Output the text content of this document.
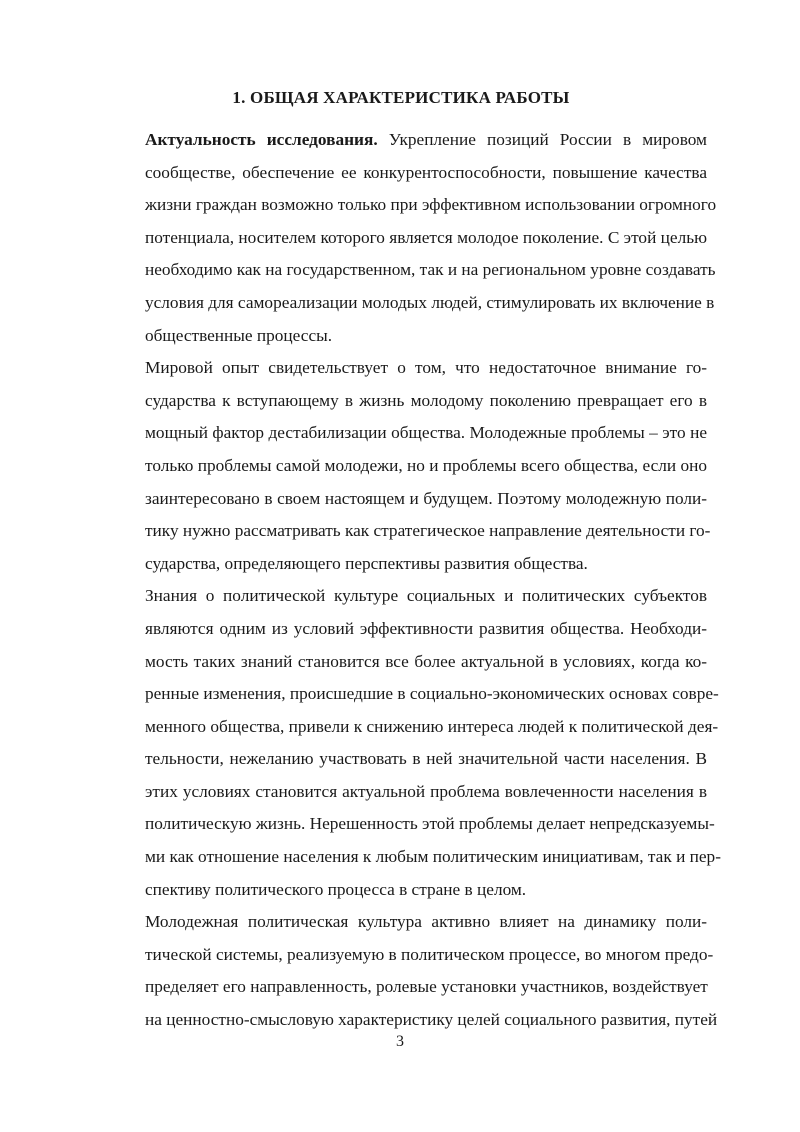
1. ОБЩАЯ ХАРАКТЕРИСТИКА РАБОТЫ
Актуальность исследования. Укрепление позиций России в мировом
сообществе, обеспечение ее конкурентоспособности, повышение качества
жизни граждан возможно только при эффективном использовании огромного
потенциала, носителем которого является молодое поколение. С этой целью
необходимо как на государственном, так и на региональном уровне создавать
условия для самореализации молодых людей, стимулировать их включение в
общественные процессы.
Мировой опыт свидетельствует о том, что недостаточное внимание го-
сударства к вступающему в жизнь молодому поколению превращает его в
мощный фактор дестабилизации общества. Молодежные проблемы – это не
только проблемы самой молодежи, но и проблемы всего общества, если оно
заинтересовано в своем настоящем и будущем. Поэтому молодежную поли-
тику нужно рассматривать как стратегическое направление деятельности го-
сударства, определяющего перспективы развития общества.
Знания о политической культуре социальных и политических субъектов
являются одним из условий эффективности развития общества. Необходи-
мость таких знаний становится все более актуальной в условиях, когда ко-
ренные изменения, происшедшие в социально-экономических основах совре-
менного общества, привели к снижению интереса людей к политической дея-
тельности, нежеланию участвовать в ней значительной части населения. В
этих условиях становится актуальной проблема вовлеченности населения в
политическую жизнь. Нерешенность этой проблемы делает непредсказуемы-
ми как отношение населения к любым политическим инициативам, так и пер-
спективу политического процесса в стране в целом.
Молодежная политическая культура активно влияет на динамику поли-
тической системы, реализуемую в политическом процессе, во многом предо-
пределяет его направленность, ролевые установки участников, воздействует
на ценностно-смысловую характеристику целей социального развития, путей
3
